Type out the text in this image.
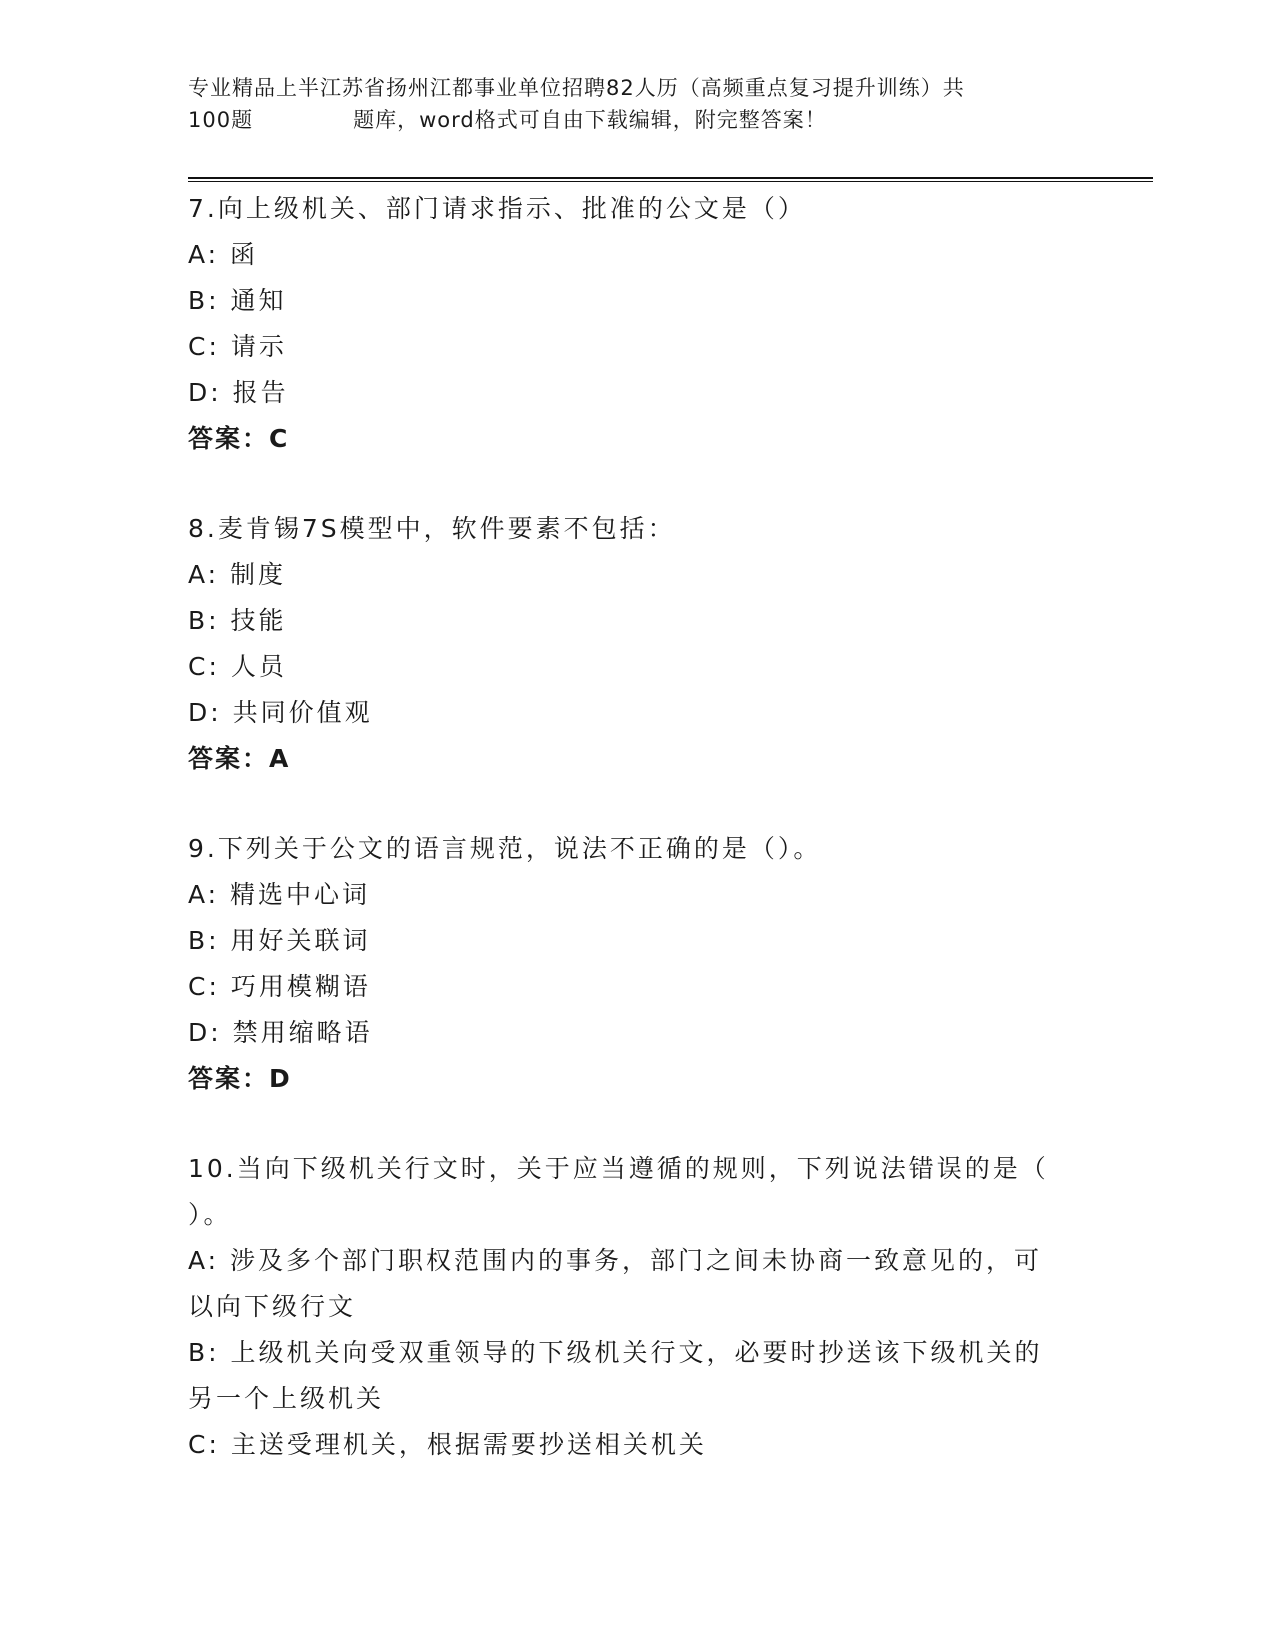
专业精品上半江苏省扬州江都事业单位招聘82人历（高频重点复习提升训练）共
100题	题库，word格式可自由下载编辑，附完整答案！
7.向上级机关、部门请求指示、批准的公文是（）
A: 函
B: 通知
C: 请示
D: 报告
答案：C
8.麦肯锡7S模型中，软件要素不包括：
A: 制度
B: 技能
C: 人员
D: 共同价值观
答案：A
9.下列关于公文的语言规范，说法不正确的是（）。
A: 精选中心词
B: 用好关联词
C: 巧用模糊语
D: 禁用缩略语
答案：D
10.当向下级机关行文时，关于应当遵循的规则，下列说法错误的是（
）。
A: 涉及多个部门职权范围内的事务，部门之间未协商一致意见的，可
以向下级行文
B: 上级机关向受双重领导的下级机关行文，必要时抄送该下级机关的
另一个上级机关
C: 主送受理机关，根据需要抄送相关机关
